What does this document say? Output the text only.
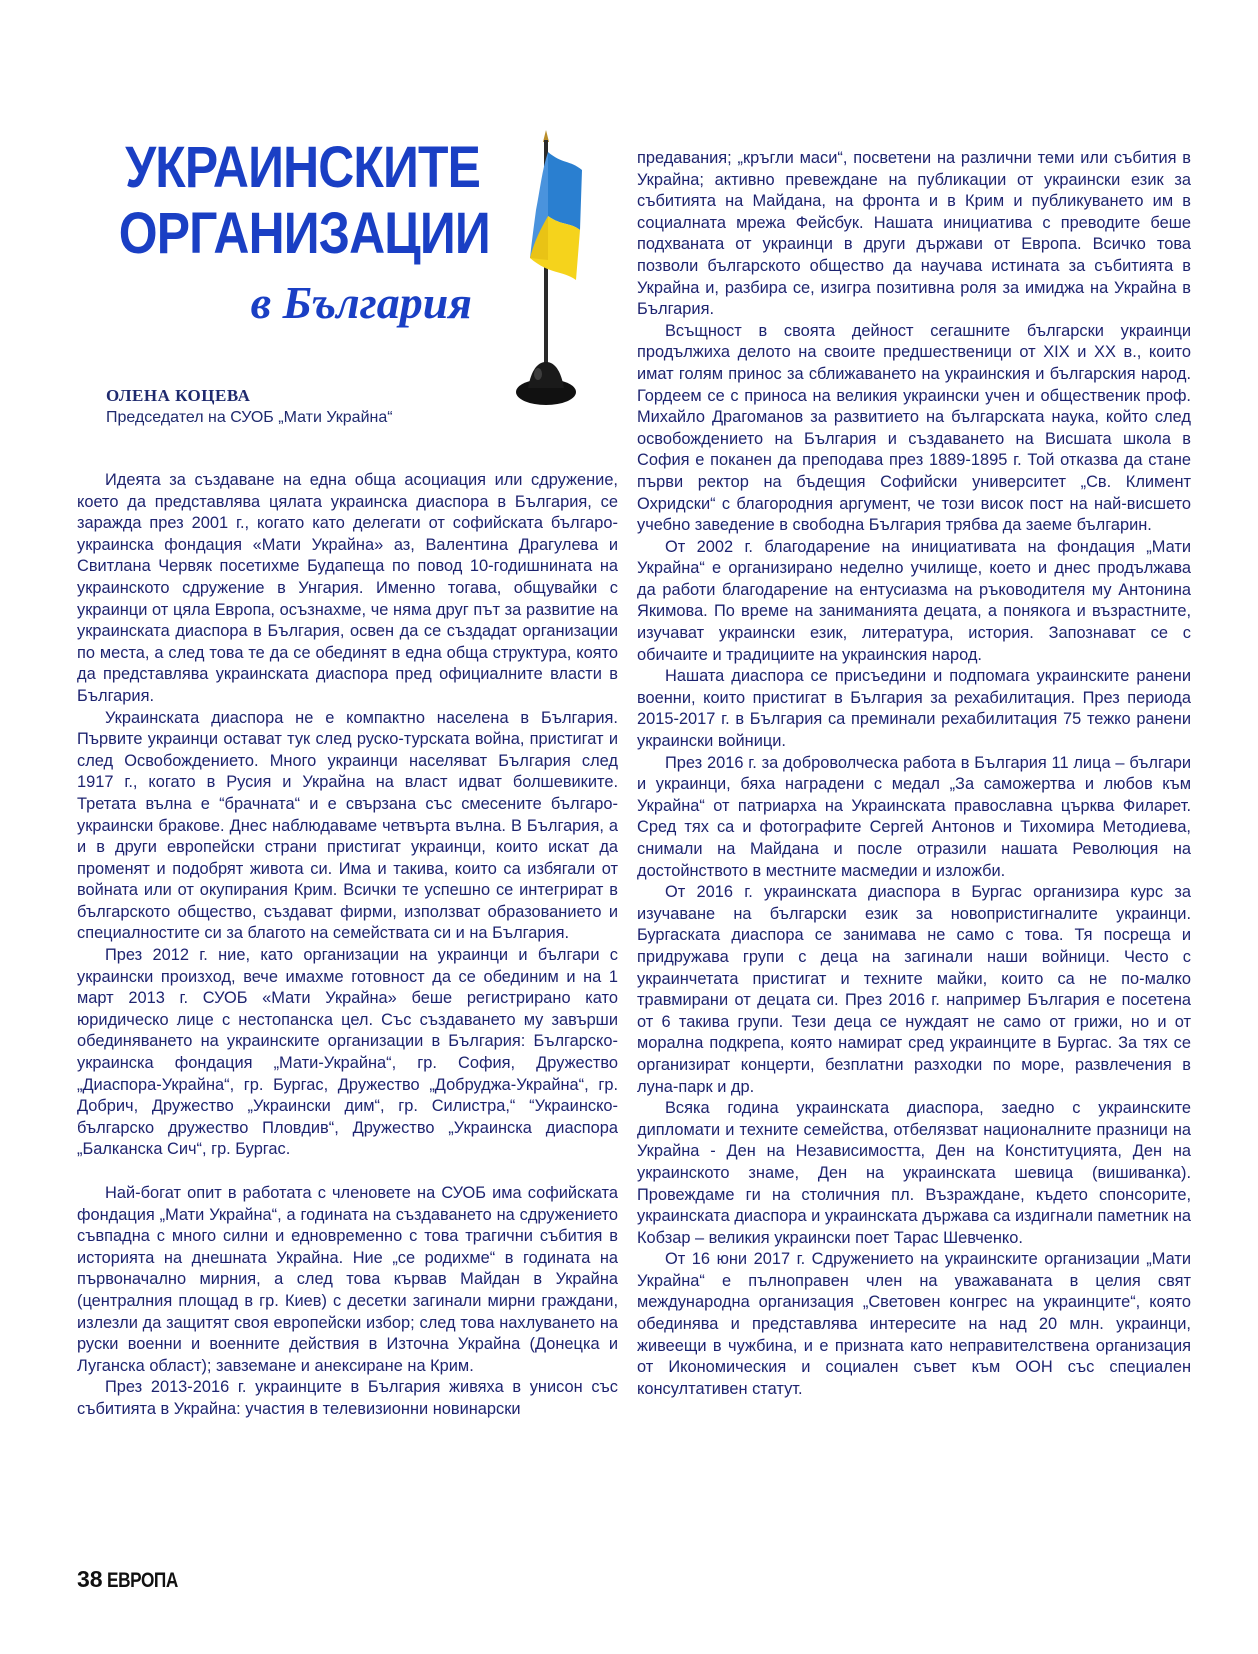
УКРАИНСКИТЕ
ОРГАНИЗАЦИИ
в България
ОЛЕНА КОЦЕВА
Председател на СУОБ „Мати Украйна“

Идеята за създаване на една обща асоциация или сдружение, което да представлява цялата украинска диаспора в България, се заражда през 2001 г., когато като делегати от софийската българо-украинска фондация «Мати Украйна» аз, Валентина Драгулева и Свитлана Червяк посетихме Будапеща по повод 10-годишнината на украинското сдружение в Унгария. Именно тогава, общувайки с украинци от цяла Европа, осъзнахме, че няма друг път за развитие на украинската диаспора в България, освен да се създадат организации по места, а след това те да се обединят в една обща структура, която да представлява украинската диаспора пред официалните власти в България.

Украинската диаспора не е компактно населена в България. Първите украинци остават тук след руско-турската война, пристигат и след Освобождението. Много украинци населяват България след 1917 г., когато в Русия и Украйна на власт идват болшевиките. Третата вълна е “брачната“ и е свързана със смесените българо-украински бракове. Днес наблюдаваме четвърта вълна. В България, а и в други европейски страни пристигат украинци, които искат да променят и подобрят живота си. Има и такива, които са избягали от войната или от окупирания Крим. Всички те успешно се интегрират в българското общество, създават фирми, използват образованието и специалностите си за благото на семействата си и на България.

През 2012 г. ние, като организации на украинци и българи с украински произход, вече имахме готовност да се обединим и на 1 март 2013 г. СУОБ «Мати Украйна» беше регистрирано като юридическо лице с нестопанска цел. Със създаването му завърши обединяването на украинските организации в България: Българско-украинска фондация „Мати-Украйна“, гр. София, Дружество „Диаспора-Украйна“, гр. Бургас, Дружество „Добруджа-Украйна“, гр. Добрич, Дружество „Украински дим“, гр. Силистра,“ “Украинско-българско дружество Пловдив“, Дружество „Украинска диаспора „Балканска Сич“, гр. Бургас.

Най-богат опит в работата с членовете на СУОБ има софийската фондация „Мати Украйна“, а годината на създаването на сдружението съвпадна с много силни и едновременно с това трагични събития в историята на днешната Украйна. Ние „се родихме“ в годината на първоначално мирния, а след това кървав Майдан в Украйна (централния площад в гр. Киев) с десетки загинали мирни граждани, излезли да защитят своя европейски избор; след това нахлуването на руски военни и военните действия в Източна Украйна (Донецка и Луганска област); завземане и анексиране на Крим.

През 2013-2016 г. украинците в България живяха в унисон със събитията в Украйна: участия в телевизионни новинарски

предавания; „кръгли маси“, посветени на различни теми или събития в Украйна; активно превеждане на публикации от украински език за събитията на Майдана, на фронта и в Крим и публикуването им в социалната мрежа Фейсбук. Нашата инициатива с преводите беше подхваната от украинци в други държави от Европа. Всичко това позволи българското общество да научава истината за събитията в Украйна и, разбира се, изигра позитивна роля за имиджа на Украйна в България.

Всъщност в своята дейност сегашните български украинци продължиха делото на своите предшественици от XIX и XX в., които имат голям принос за сближаването на украинския и българския народ. Гордеем се с приноса на великия украински учен и общественик проф. Михайло Драгоманов за развитието на българската наука, който след освобождението на България и създаването на Висшата школа в София е поканен да преподава през 1889-1895 г. Той отказва да стане първи ректор на бъдещия Софийски университет „Св. Климент Охридски“ с благородния аргумент, че този висок пост на най-висшето учебно заведение в свободна България трябва да заеме българин.

От 2002 г. благодарение на инициативата на фондация „Мати Украйна“ е организирано неделно училище, което и днес продължава да работи благодарение на ентусиазма на ръководителя му Антонина Якимова. По време на заниманията децата, а понякога и възрастните, изучават украински език, литература, история. Запознават се с обичаите и традициите на украинския народ.

Нашата диаспора се присъедини и подпомага украинските ранени военни, които пристигат в България за рехабилитация. През периода 2015-2017 г. в България са преминали рехабилитация 75 тежко ранени украински войници.

През 2016 г. за доброволческа работа в България 11 лица – българи и украинци, бяха наградени с медал „За саможертва и любов към Украйна“ от патриарха на Украинската православна църква Филарет. Сред тях са и фотографите Сергей Антонов и Тихомира Методиева, снимали на Майдана и после отразили нашата Революция на достойнството в местните масмедии и изложби.

От 2016 г. украинската диаспора в Бургас организира курс за изучаване на български език за новопристигналите украинци. Бургаската диаспора се занимава не само с това. Тя посреща и придружава групи с деца на загинали наши войници. Често с украинчетата пристигат и техните майки, които са не по-малко травмирани от децата си. През 2016 г. например България е посетена от 6 такива групи. Тези деца се нуждаят не само от грижи, но и от морална подкрепа, която намират сред украинците в Бургас. За тях се организират концерти, безплатни разходки по море, развлечения в луна-парк и др.

Всяка година украинската диаспора, заедно с украинските дипломати и техните семейства, отбелязват националните празници на Украйна - Ден на Независимостта, Ден на Конституцията, Ден на украинското знаме, Ден на украинската шевица (вишиванка). Провеждаме ги на столичния пл. Възраждане, където спонсорите, украинската диаспора и украинската държава са издигнали паметник на Кобзар – великия украински поет Тарас Шевченко.

От 16 юни 2017 г. Сдружението на украинските организации „Мати Украйна“ е пълноправен член на уважаваната в целия свят международна организация „Световен конгрес на украинците“, която обединява и представлява интересите на над 20 млн. украинци, живеещи в чужбина, и е призната като неправителствена организация от Икономическия и социален съвет към ООН със специален консултативен статут.

38 ЕВРОПА
